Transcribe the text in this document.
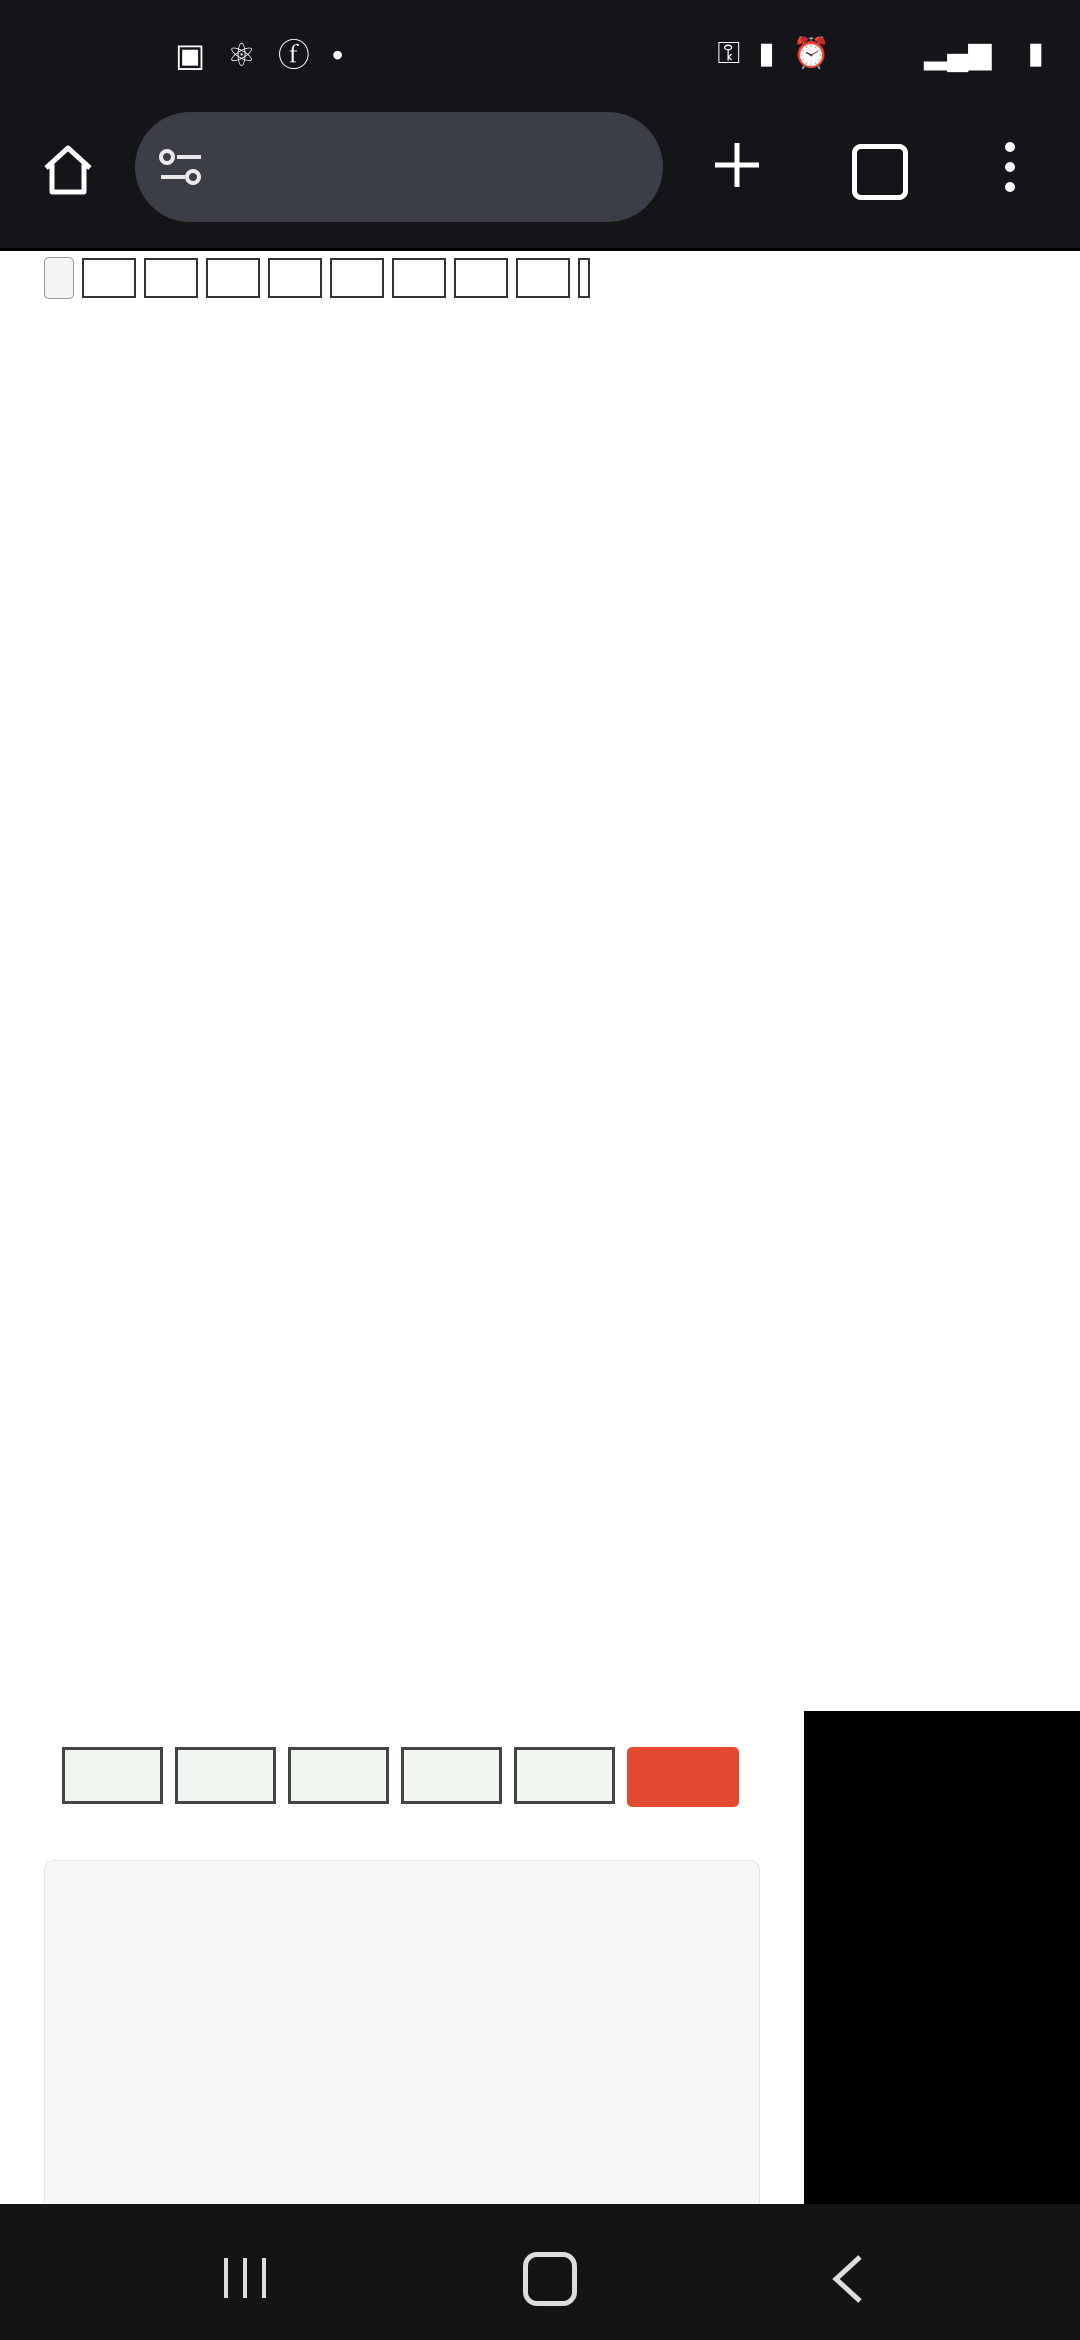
▣ ⚛ ⓕ •	⚿ ▮ ⏰	▂▄▆ ▮
